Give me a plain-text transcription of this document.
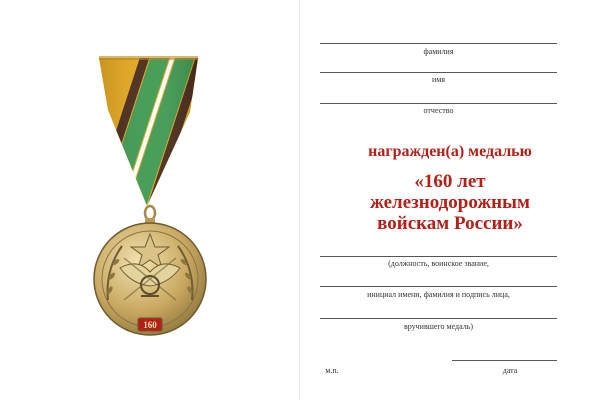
160
фамилия
имя
отчество
награжден(а) медалью
«160 лет
железнодорожным
войскам России»
(должность, воинское звание,
инициал имени, фамилия и подпись лица,
вручившего медаль)
м.п.	дата
